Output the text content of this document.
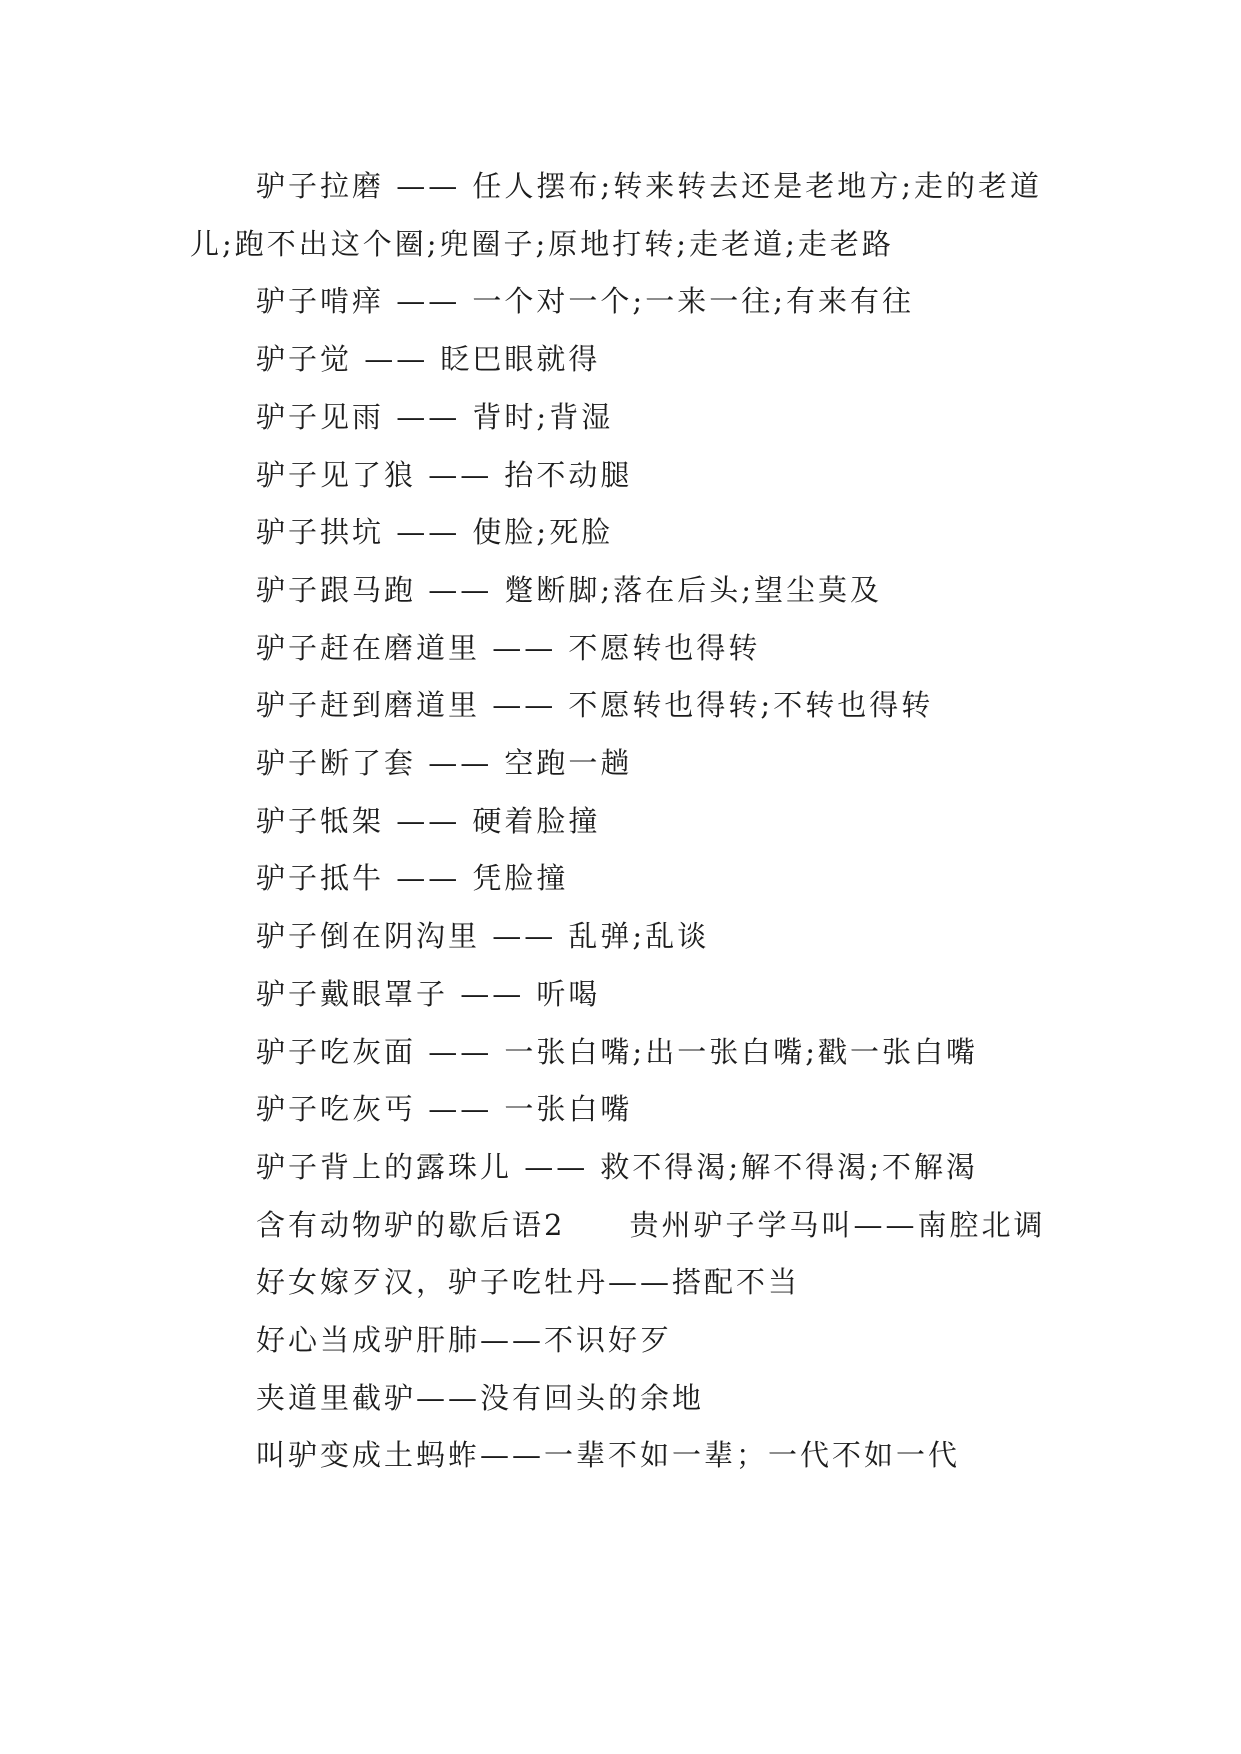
驴子拉磨 —— 任人摆布;转来转去还是老地方;走的老道儿;跑不出这个圈;兜圈子;原地打转;走老道;走老路

驴子啃痒 —— 一个对一个;一来一往;有来有往

驴子觉 —— 眨巴眼就得

驴子见雨 —— 背时;背湿

驴子见了狼 —— 抬不动腿

驴子拱坑 —— 使脸;死脸

驴子跟马跑 —— 蹩断脚;落在后头;望尘莫及

驴子赶在磨道里 —— 不愿转也得转

驴子赶到磨道里 —— 不愿转也得转;不转也得转

驴子断了套 —— 空跑一趟

驴子牴架 —— 硬着脸撞

驴子抵牛 —— 凭脸撞

驴子倒在阴沟里 —— 乱弹;乱谈

驴子戴眼罩子 —— 听喝

驴子吃灰面 —— 一张白嘴;出一张白嘴;戳一张白嘴

驴子吃灰丐 —— 一张白嘴

驴子背上的露珠儿 —— 救不得渴;解不得渴;不解渴

含有动物驴的歇后语2　　贵州驴子学马叫——南腔北调

好女嫁歹汉，驴子吃牡丹——搭配不当

好心当成驴肝肺——不识好歹

夹道里截驴——没有回头的余地

叫驴变成土蚂蚱——一辈不如一辈；一代不如一代
